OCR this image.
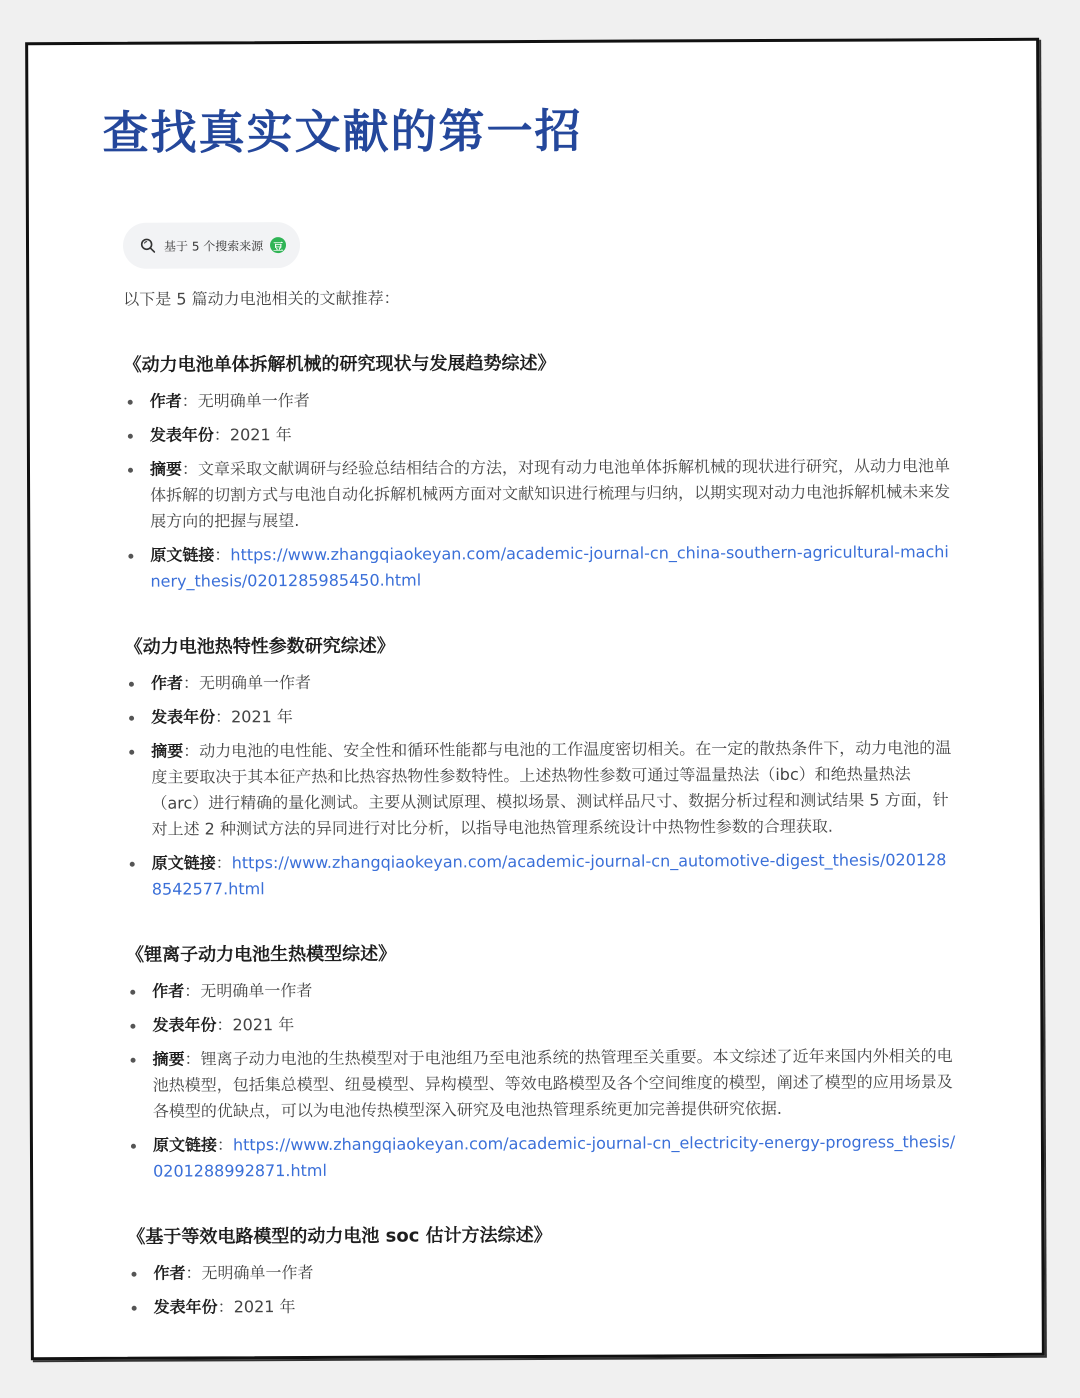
查找真实文献的第一招
基于 5 个搜索来源 豆
以下是 5 篇动力电池相关的文献推荐：
《动力电池单体拆解机械的研究现状与发展趋势综述》
作者：无明确单一作者
发表年份：2021 年
摘要：文章采取文献调研与经验总结相结合的方法，对现有动力电池单体拆解机械的现状进行研究，从动力电池单体拆解的切割方式与电池自动化拆解机械两方面对文献知识进行梳理与归纳，以期实现对动力电池拆解机械未来发展方向的把握与展望.
原文链接：https://www.zhangqiaokeyan.com/academic-journal-cn_china-southern-agricultural-machinery_thesis/0201285985450.html
《动力电池热特性参数研究综述》
作者：无明确单一作者
发表年份：2021 年
摘要：动力电池的电性能、安全性和循环性能都与电池的工作温度密切相关。在一定的散热条件下，动力电池的温度主要取决于其本征产热和比热容热物性参数特性。上述热物性参数可通过等温量热法（ibc）和绝热量热法（arc）进行精确的量化测试。主要从测试原理、模拟场景、测试样品尺寸、数据分析过程和测试结果 5 方面，针对上述 2 种测试方法的异同进行对比分析，以指导电池热管理系统设计中热物性参数的合理获取.
原文链接：https://www.zhangqiaokeyan.com/academic-journal-cn_automotive-digest_thesis/0201288542577.html
《锂离子动力电池生热模型综述》
作者：无明确单一作者
发表年份：2021 年
摘要：锂离子动力电池的生热模型对于电池组乃至电池系统的热管理至关重要。本文综述了近年来国内外相关的电池热模型，包括集总模型、纽曼模型、异构模型、等效电路模型及各个空间维度的模型，阐述了模型的应用场景及各模型的优缺点，可以为电池传热模型深入研究及电池热管理系统更加完善提供研究依据.
原文链接：https://www.zhangqiaokeyan.com/academic-journal-cn_electricity-energy-progress_thesis/0201288992871.html
《基于等效电路模型的动力电池 soc 估计方法综述》
作者：无明确单一作者
发表年份：2021 年
